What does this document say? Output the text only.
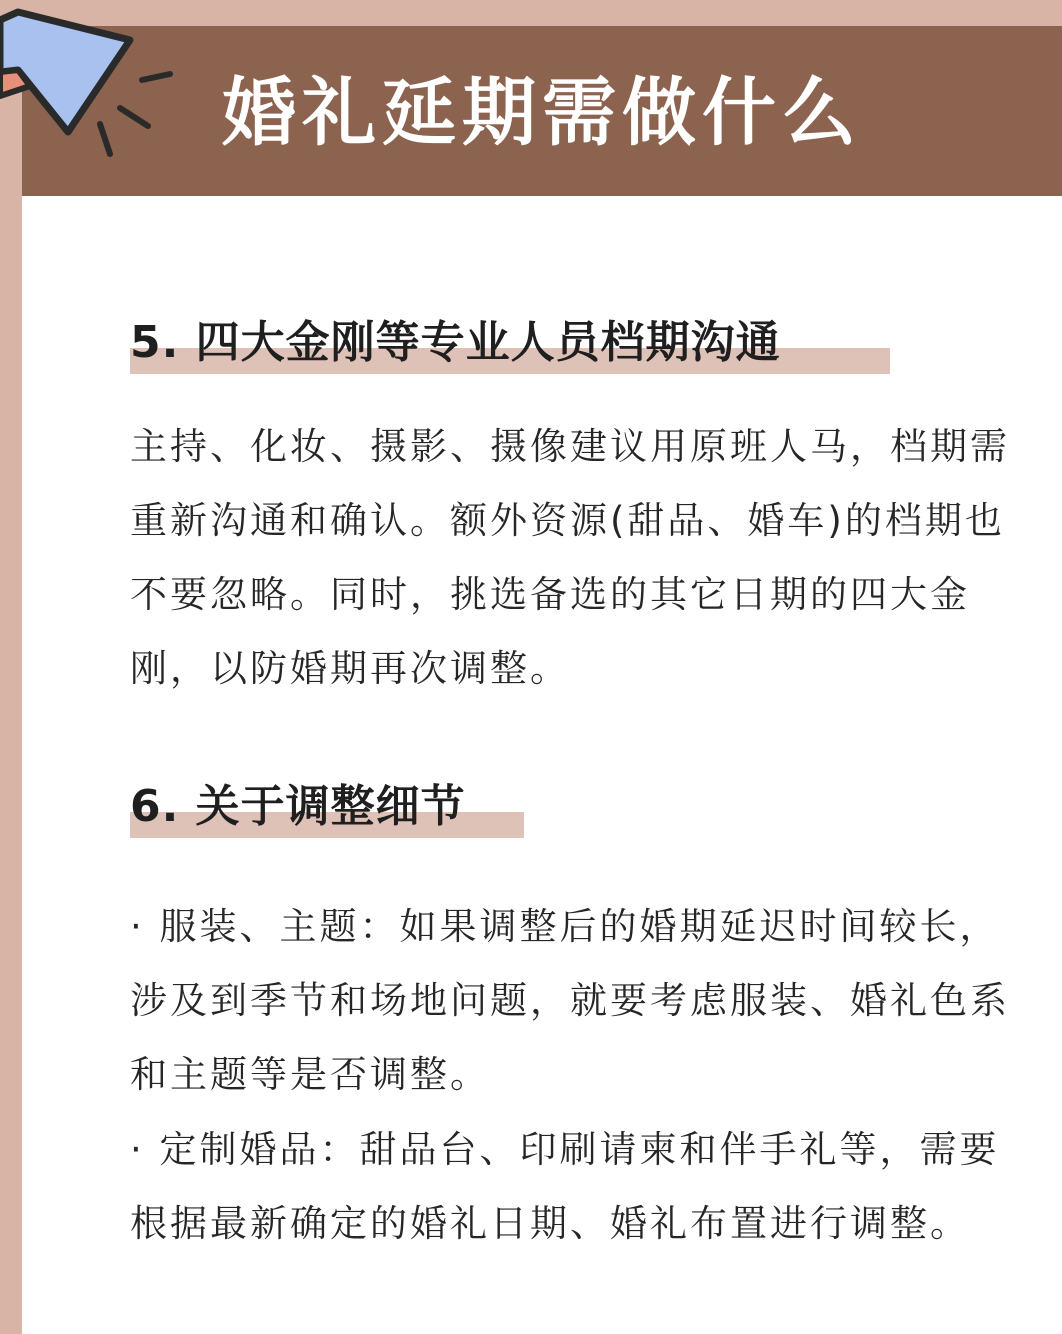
婚礼延期需做什么
5. 四大金刚等专业人员档期沟通

主持、化妆、摄影、摄像建议用原班人马，档期需重新沟通和确认。额外资源(甜品、婚车)的档期也不要忽略。同时，挑选备选的其它日期的四大金刚，以防婚期再次调整。

6. 关于调整细节

· 服装、主题：如果调整后的婚期延迟时间较长，涉及到季节和场地问题，就要考虑服装、婚礼色系和主题等是否调整。

· 定制婚品：甜品台、印刷请柬和伴手礼等，需要根据最新确定的婚礼日期、婚礼布置进行调整。
